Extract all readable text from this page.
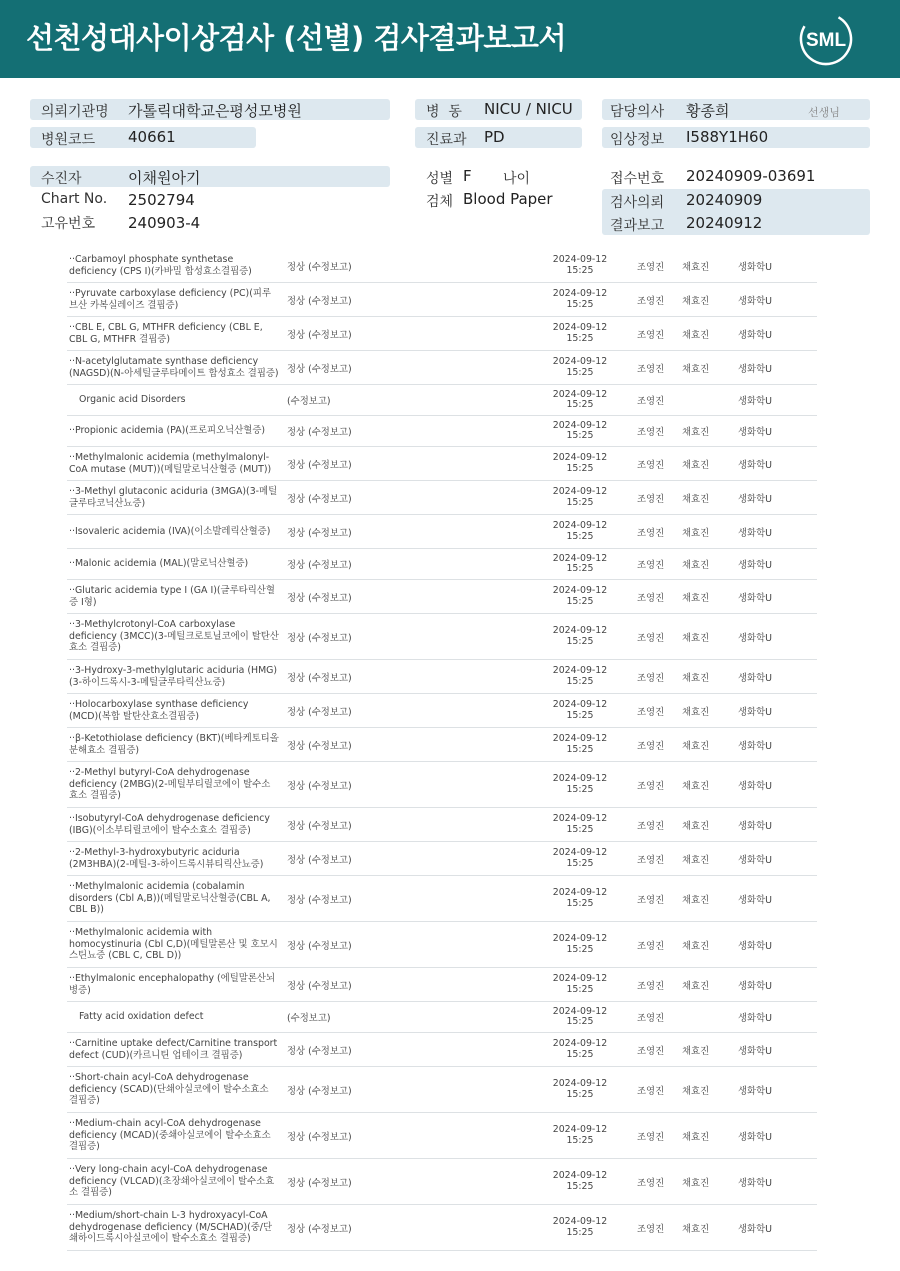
선천성대사이상검사 (선별) 검사결과보고서	SML
의뢰기관명 가톨릭대학교은평성모병원	병  동 NICU / NICU	담당의사 황종희	선생님
병원코드 40661	진료과 PD	임상정보 I588Y1H60
수진자	이채원아기	성별 F 나이	접수번호 20240909-03691
Chart No. 2502794	검체 Blood Paper	검사의뢰 20240909
고유번호 240903-4	결과보고 20240912
··Carbamoyl phosphate synthetase deficiency (CPS I)(카바밀 합성효소결핍증)	정상 (수정보고)
2024-09-12
15:25	조영진 채효진	생화학U
··Pyruvate carboxylase deficiency (PC)(피루브산 카복실레이즈 결핍증)	정상 (수정보고)
2024-09-12
15:25	조영진 채효진	생화학U
··CBL E, CBL G, MTHFR deficiency (CBL E, CBL G, MTHFR 결핍증)	정상 (수정보고)
2024-09-12
15:25	조영진 채효진	생화학U
··N-acetylglutamate synthase deficiency (NAGSD)(N-아세틸글루타메이트 합성효소 결핍증) 정상 (수정보고)
2024-09-12
15:25	조영진 채효진	생화학U
Organic acid Disorders	(수정보고)
2024-09-12
15:25	조영진	생화학U
··Propionic acidemia (PA)(프로피오닉산혈증) 정상 (수정보고)
2024-09-12
15:25	조영진 채효진	생화학U
··Methylmalonic acidemia (methylmalonyl-CoA mutase (MUT))(메틸말로닉산혈증 (MUT))	정상 (수정보고)
2024-09-12
15:25	조영진 채효진	생화학U
··3-Methyl glutaconic aciduria (3MGA)(3-메틸글루타코닉산뇨증)	정상 (수정보고)
2024-09-12
15:25	조영진 채효진	생화학U
··Isovaleric acidemia (IVA)(이소발레릭산혈증) 정상 (수정보고)
2024-09-12
15:25	조영진 채효진	생화학U
··Malonic acidemia (MAL)(말로닉산혈증)	정상 (수정보고)
2024-09-12
15:25	조영진 채효진	생화학U
··Glutaric acidemia type I (GA I)(글루타릭산혈증 I형)	정상 (수정보고)
2024-09-12
15:25	조영진 채효진	생화학U
··3-Methylcrotonyl-CoA carboxylase deficiency (3MCC)(3-메틸크로토닐코에이 탈탄산효소 결핍증)
정상 (수정보고)
2024-09-12
15:25	조영진 채효진	생화학U
··3-Hydroxy-3-methylglutaric aciduria (HMG)(3-하이드록시-3-메틸글루타릭산뇨증)	정상 (수정보고)
2024-09-12
15:25	조영진 채효진	생화학U
··Holocarboxylase synthase deficiency (MCD)(복합 탈탄산효소결핍증)	정상 (수정보고)
2024-09-12
15:25	조영진 채효진	생화학U
··β-Ketothiolase deficiency (BKT)(베타케토티올 분해효소 결핍증)	정상 (수정보고)
2024-09-12
15:25	조영진 채효진	생화학U
··2-Methyl butyryl-CoA dehydrogenase deficiency (2MBG)(2-메틸부티릴코에이 탈수소효소 결핍증)
정상 (수정보고)
2024-09-12
15:25	조영진 채효진	생화학U
··Isobutyryl-CoA dehydrogenase deficiency (IBG)(이소부티릴코에이 탈수소효소 결핍증)	정상 (수정보고)
2024-09-12
15:25	조영진 채효진	생화학U
··2-Methyl-3-hydroxybutyric aciduria (2M3HBA)(2-메틸-3-하이드록시뷰티릭산뇨증)	정상 (수정보고)
2024-09-12
15:25	조영진 채효진	생화학U
··Methylmalonic acidemia (cobalamin disorders (Cbl A,B))(메틸말로닉산혈증(CBL A, CBL B))
정상 (수정보고)
2024-09-12
15:25	조영진 채효진	생화학U
··Methylmalonic acidemia with homocystinuria (Cbl C,D)(메틸말론산 및 호모시스틴뇨증 (CBL C, CBL D))
정상 (수정보고)
2024-09-12
15:25	조영진 채효진	생화학U
··Ethylmalonic encephalopathy (에틸말론산뇌병증)	정상 (수정보고)
2024-09-12
15:25	조영진 채효진	생화학U
Fatty acid oxidation defect	(수정보고)
2024-09-12
15:25	조영진	생화학U
··Carnitine uptake defect/Carnitine transport defect (CUD)(카르니틴 업테이크 결핍증)	정상 (수정보고)
2024-09-12
15:25	조영진 채효진	생화학U
··Short-chain acyl-CoA dehydrogenase deficiency (SCAD)(단쇄아실코에이 탈수소효소 결핍증)
정상 (수정보고)
2024-09-12
15:25	조영진 채효진	생화학U
··Medium-chain acyl-CoA dehydrogenase deficiency (MCAD)(중쇄아실코에이 탈수소효소 결핍증)
정상 (수정보고)
2024-09-12
15:25	조영진 채효진	생화학U
··Very long-chain acyl-CoA dehydrogenase deficiency (VLCAD)(초장쇄아실코에이 탈수소효소 결핍증)
정상 (수정보고)
2024-09-12
15:25	조영진 채효진	생화학U
··Medium/short-chain L-3 hydroxyacyl-CoA dehydrogenase deficiency (M/SCHAD)(중/단쇄하이드록시아실코에이 탈수소효소 결핍증)
정상 (수정보고)
2024-09-12
15:25	조영진 채효진	생화학U
